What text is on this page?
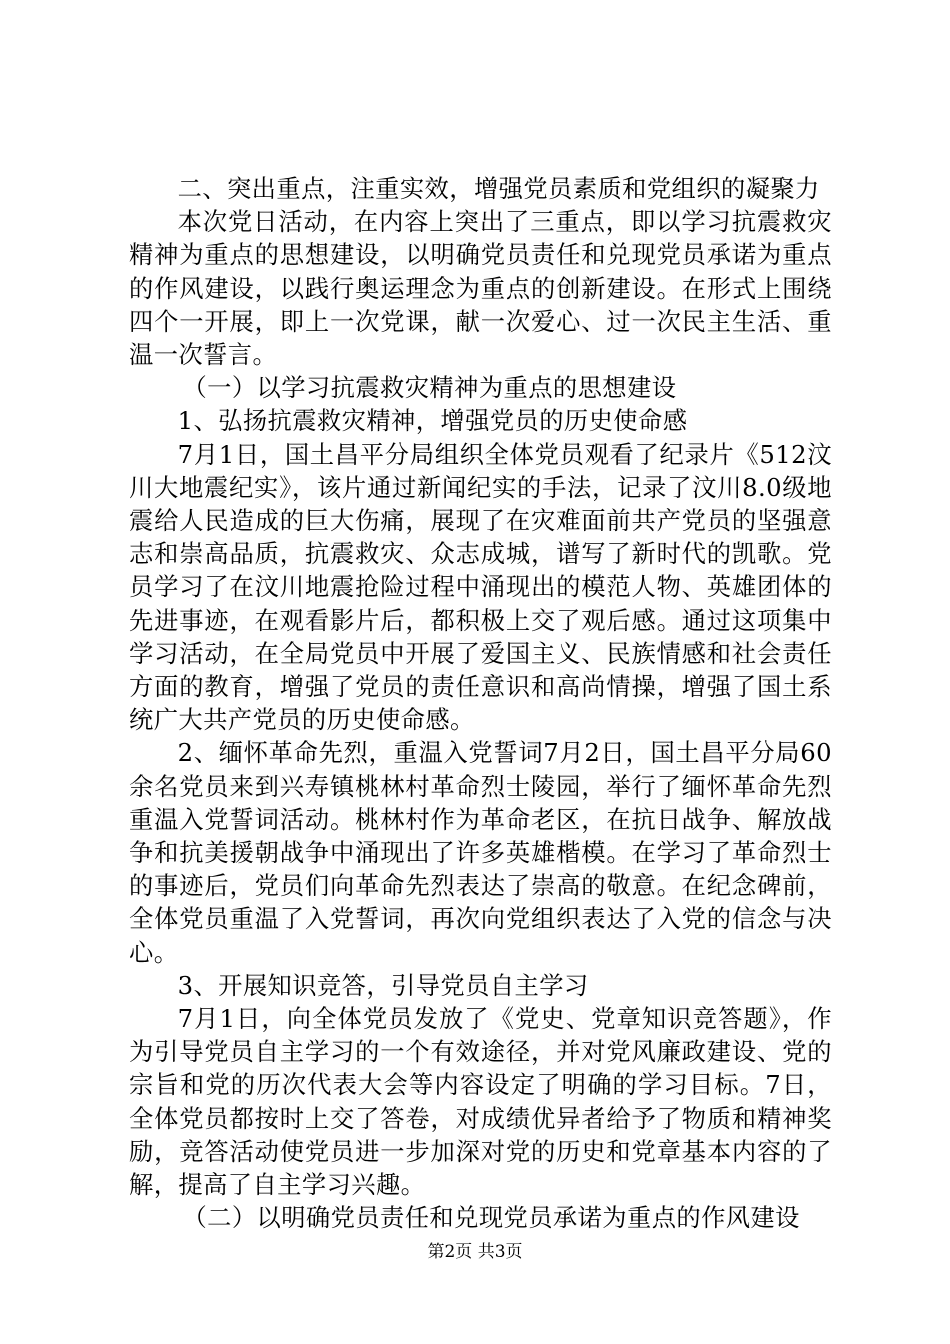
二、突出重点，注重实效，增强党员素质和党组织的凝聚力

本次党日活动，在内容上突出了三重点，即以学习抗震救灾精神为重点的思想建设，以明确党员责任和兑现党员承诺为重点的作风建设，以践行奥运理念为重点的创新建设。在形式上围绕四个一开展，即上一次党课，献一次爱心、过一次民主生活、重温一次誓言。

（一）以学习抗震救灾精神为重点的思想建设

1、弘扬抗震救灾精神，增强党员的历史使命感

7月1日，国土昌平分局组织全体党员观看了纪录片《512汶川大地震纪实》，该片通过新闻纪实的手法，记录了汶川8.0级地震给人民造成的巨大伤痛，展现了在灾难面前共产党员的坚强意志和崇高品质，抗震救灾、众志成城，谱写了新时代的凯歌。党员学习了在汶川地震抢险过程中涌现出的模范人物、英雄团体的先进事迹，在观看影片后，都积极上交了观后感。通过这项集中学习活动，在全局党员中开展了爱国主义、民族情感和社会责任方面的教育，增强了党员的责任意识和高尚情操，增强了国土系统广大共产党员的历史使命感。

2、缅怀革命先烈，重温入党誓词7月2日，国土昌平分局60余名党员来到兴寿镇桃林村革命烈士陵园，举行了缅怀革命先烈重温入党誓词活动。桃林村作为革命老区，在抗日战争、解放战争和抗美援朝战争中涌现出了许多英雄楷模。在学习了革命烈士的事迹后，党员们向革命先烈表达了崇高的敬意。在纪念碑前，全体党员重温了入党誓词，再次向党组织表达了入党的信念与决心。

3、开展知识竞答，引导党员自主学习

7月1日，向全体党员发放了《党史、党章知识竞答题》，作为引导党员自主学习的一个有效途径，并对党风廉政建设、党的宗旨和党的历次代表大会等内容设定了明确的学习目标。7日，全体党员都按时上交了答卷，对成绩优异者给予了物质和精神奖励，竞答活动使党员进一步加深对党的历史和党章基本内容的了解，提高了自主学习兴趣。

（二）以明确党员责任和兑现党员承诺为重点的作风建设

第2页 共3页
